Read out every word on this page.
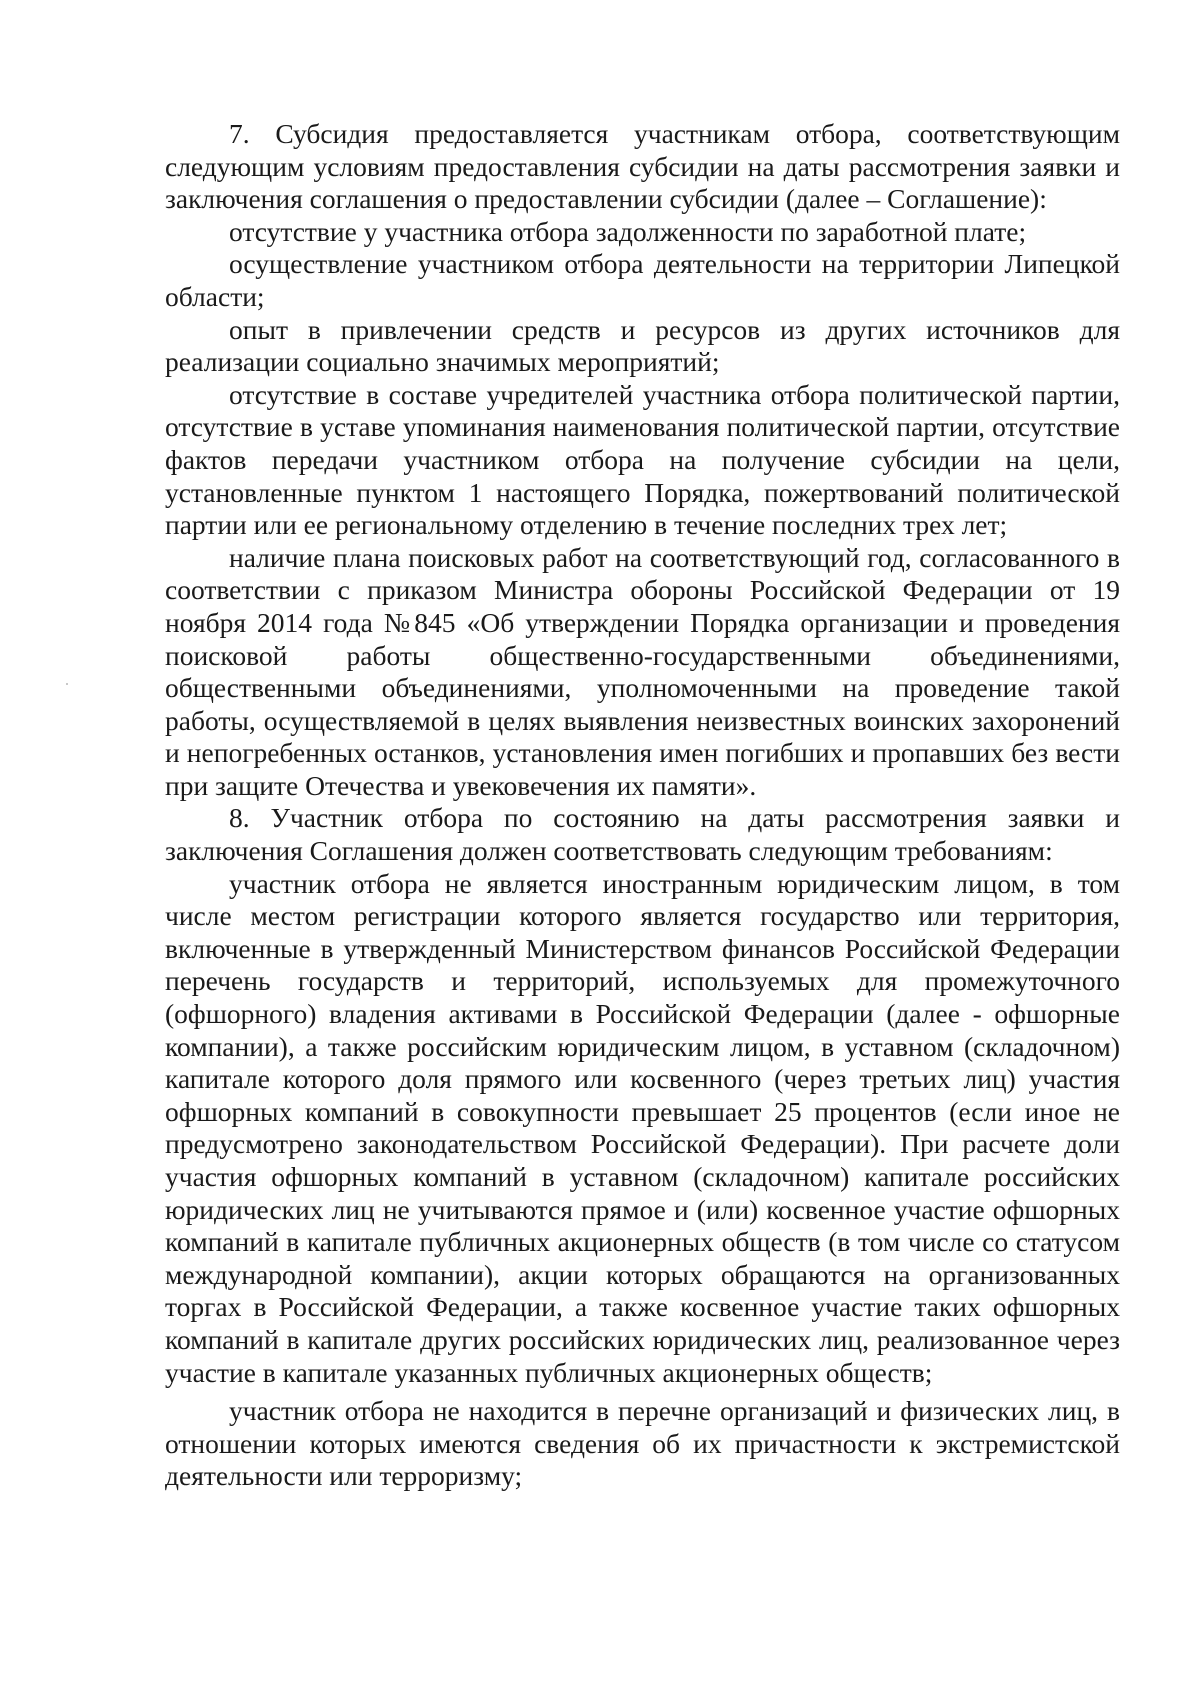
7. Субсидия предоставляется участникам отбора, соответствующим следующим условиям предоставления субсидии на даты рассмотрения заявки и заключения соглашения о предоставлении субсидии (далее – Соглашение):

отсутствие у участника отбора задолженности по заработной плате;

осуществление участником отбора деятельности на территории Липецкой области;

опыт в привлечении средств и ресурсов из других источников для реализации социально значимых мероприятий;

отсутствие в составе учредителей участника отбора политической партии, отсутствие в уставе упоминания наименования политической партии, отсутствие фактов передачи участником отбора на получение субсидии на цели, установленные пунктом 1 настоящего Порядка, пожертвований политической партии или ее региональному отделению в течение последних трех лет;

наличие плана поисковых работ на соответствующий год, согласованного в соответствии с приказом Министра обороны Российской Федерации от 19 ноября 2014 года №845 «Об утверждении Порядка организации и проведения поисковой работы общественно-государственными объединениями, общественными объединениями, уполномоченными на проведение такой работы, осуществляемой в целях выявления неизвестных воинских захоронений и непогребенных останков, установления имен погибших и пропавших без вести при защите Отечества и увековечения их памяти».

8. Участник отбора по состоянию на даты рассмотрения заявки и заключения Соглашения должен соответствовать следующим требованиям:

участник отбора не является иностранным юридическим лицом, в том числе местом регистрации которого является государство или территория, включенные в утвержденный Министерством финансов Российской Федерации перечень государств и территорий, используемых для промежуточного (офшорного) владения активами в Российской Федерации (далее - офшорные компании), а также российским юридическим лицом, в уставном (складочном) капитале которого доля прямого или косвенного (через третьих лиц) участия офшорных компаний в совокупности превышает 25 процентов (если иное не предусмотрено законодательством Российской Федерации). При расчете доли участия офшорных компаний в уставном (складочном) капитале российских юридических лиц не учитываются прямое и (или) косвенное участие офшорных компаний в капитале публичных акционерных обществ (в том числе со статусом международной компании), акции которых обращаются на организованных торгах в Российской Федерации, а также косвенное участие таких офшорных компаний в капитале других российских юридических лиц, реализованное через участие в капитале указанных публичных акционерных обществ;

участник отбора не находится в перечне организаций и физических лиц, в отношении которых имеются сведения об их причастности к экстремистской деятельности или терроризму;
